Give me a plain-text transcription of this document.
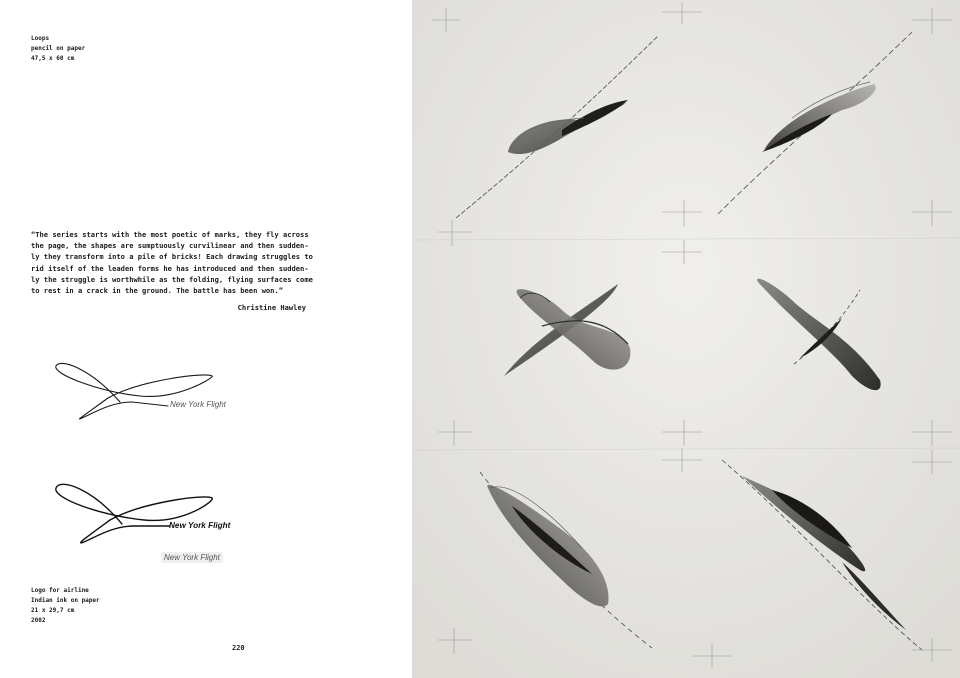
Loops
pencil on paper
47,5 x 60 cm
“The series starts with the most poetic of marks, they fly across
the page, the shapes are sumptuously curvilinear and then sudden-
ly they transform into a pile of bricks! Each drawing struggles to
rid itself of the leaden forms he has introduced and then sudden-
ly the struggle is worthwhile as the folding, flying surfaces come
to rest in a crack in the ground. The battle has been won.”
Christine Hawley
New York Flight
New York Flight
New York Flight
Logo for airline
Indian ink on paper
21 x 29,7 cm
2002
220
